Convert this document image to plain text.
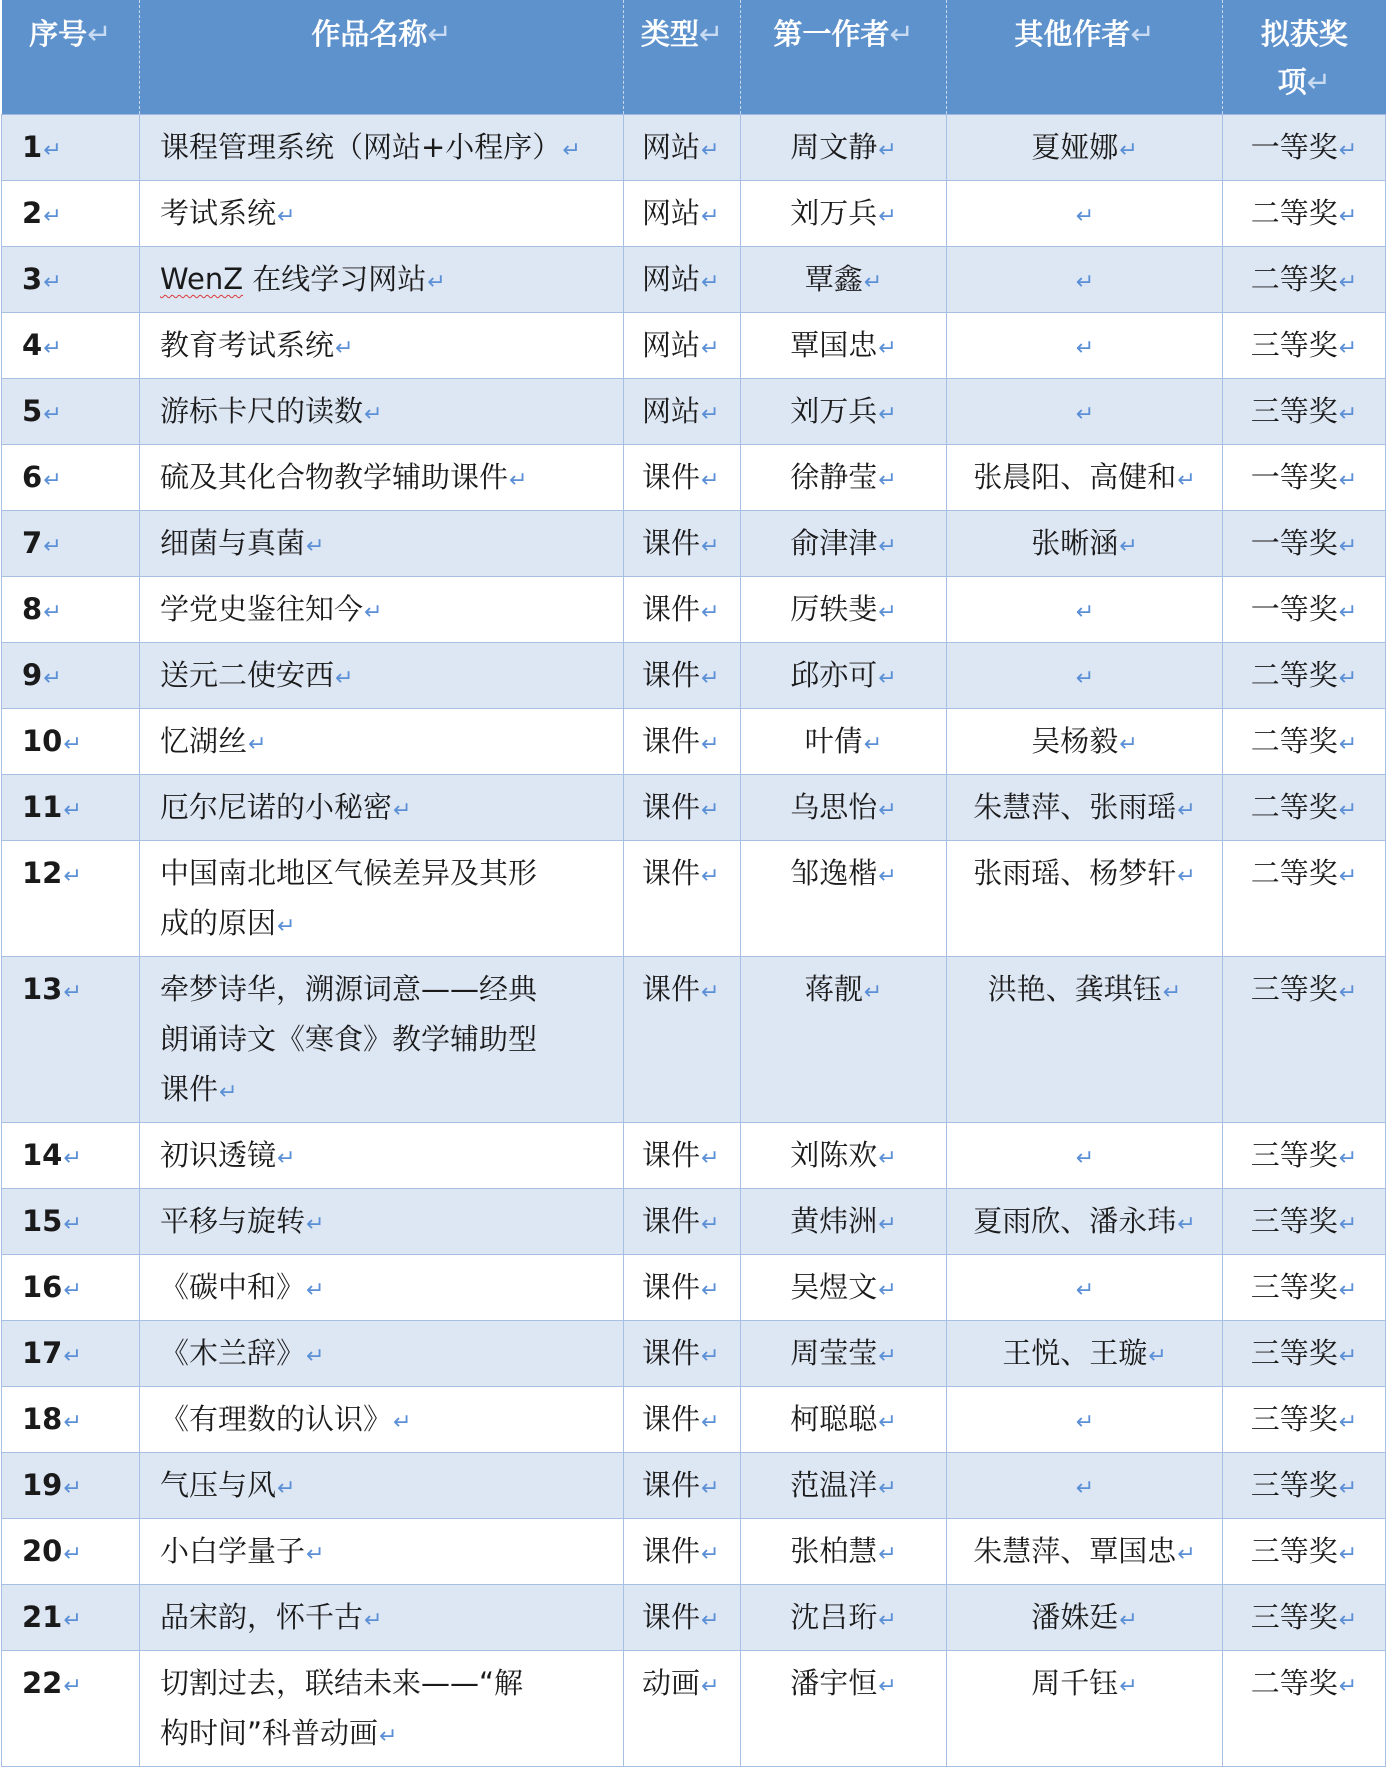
序号↵	作品名称↵	类型↵	第一作者↵	其他作者↵	拟获奖
项↵
1↵	课程管理系统（网站+小程序）↵	网站↵	周文静↵	夏娅娜↵	一等奖↵
2↵	考试系统↵	网站↵	刘万兵↵	↵	二等奖↵
3↵	WenZ 在线学习网站↵	网站↵	覃鑫↵	↵	二等奖↵
4↵	教育考试系统↵	网站↵	覃国忠↵	↵	三等奖↵
5↵	游标卡尺的读数↵	网站↵	刘万兵↵	↵	三等奖↵
6↵	硫及其化合物教学辅助课件↵	课件↵	徐静莹↵	张晨阳、高健和↵	一等奖↵
7↵	细菌与真菌↵	课件↵	俞津津↵	张晰涵↵	一等奖↵
8↵	学党史鉴往知今↵	课件↵	厉轶斐↵	↵	一等奖↵
9↵	送元二使安西↵	课件↵	邱亦可↵	↵	二等奖↵
10↵	忆湖丝↵	课件↵	叶倩↵	吴杨毅↵	二等奖↵
11↵	厄尔尼诺的小秘密↵	课件↵	乌思怡↵	朱慧萍、张雨瑶↵	二等奖↵
12↵	中国南北地区气候差异及其形
成的原因↵	课件↵	邹逸楷↵	张雨瑶、杨梦轩↵	二等奖↵
13↵	牵梦诗华，溯源词意——经典
朗诵诗文《寒食》教学辅助型
课件↵	课件↵	蒋靓↵	洪艳、龚琪钰↵	三等奖↵
14↵	初识透镜↵	课件↵	刘陈欢↵	↵	三等奖↵
15↵	平移与旋转↵	课件↵	黄炜洲↵	夏雨欣、潘永玮↵	三等奖↵
16↵	《碳中和》↵	课件↵	吴煜文↵	↵	三等奖↵
17↵	《木兰辞》↵	课件↵	周莹莹↵	王悦、王璇↵	三等奖↵
18↵	《有理数的认识》↵	课件↵	柯聪聪↵	↵	三等奖↵
19↵	气压与风↵	课件↵	范温洋↵	↵	三等奖↵
20↵	小白学量子↵	课件↵	张柏慧↵	朱慧萍、覃国忠↵	三等奖↵
21↵	品宋韵，怀千古↵	课件↵	沈吕珩↵	潘姝廷↵	三等奖↵
22↵	切割过去，联结未来——“解
构时间”科普动画↵	动画↵	潘宇恒↵	周千钰↵	二等奖↵
